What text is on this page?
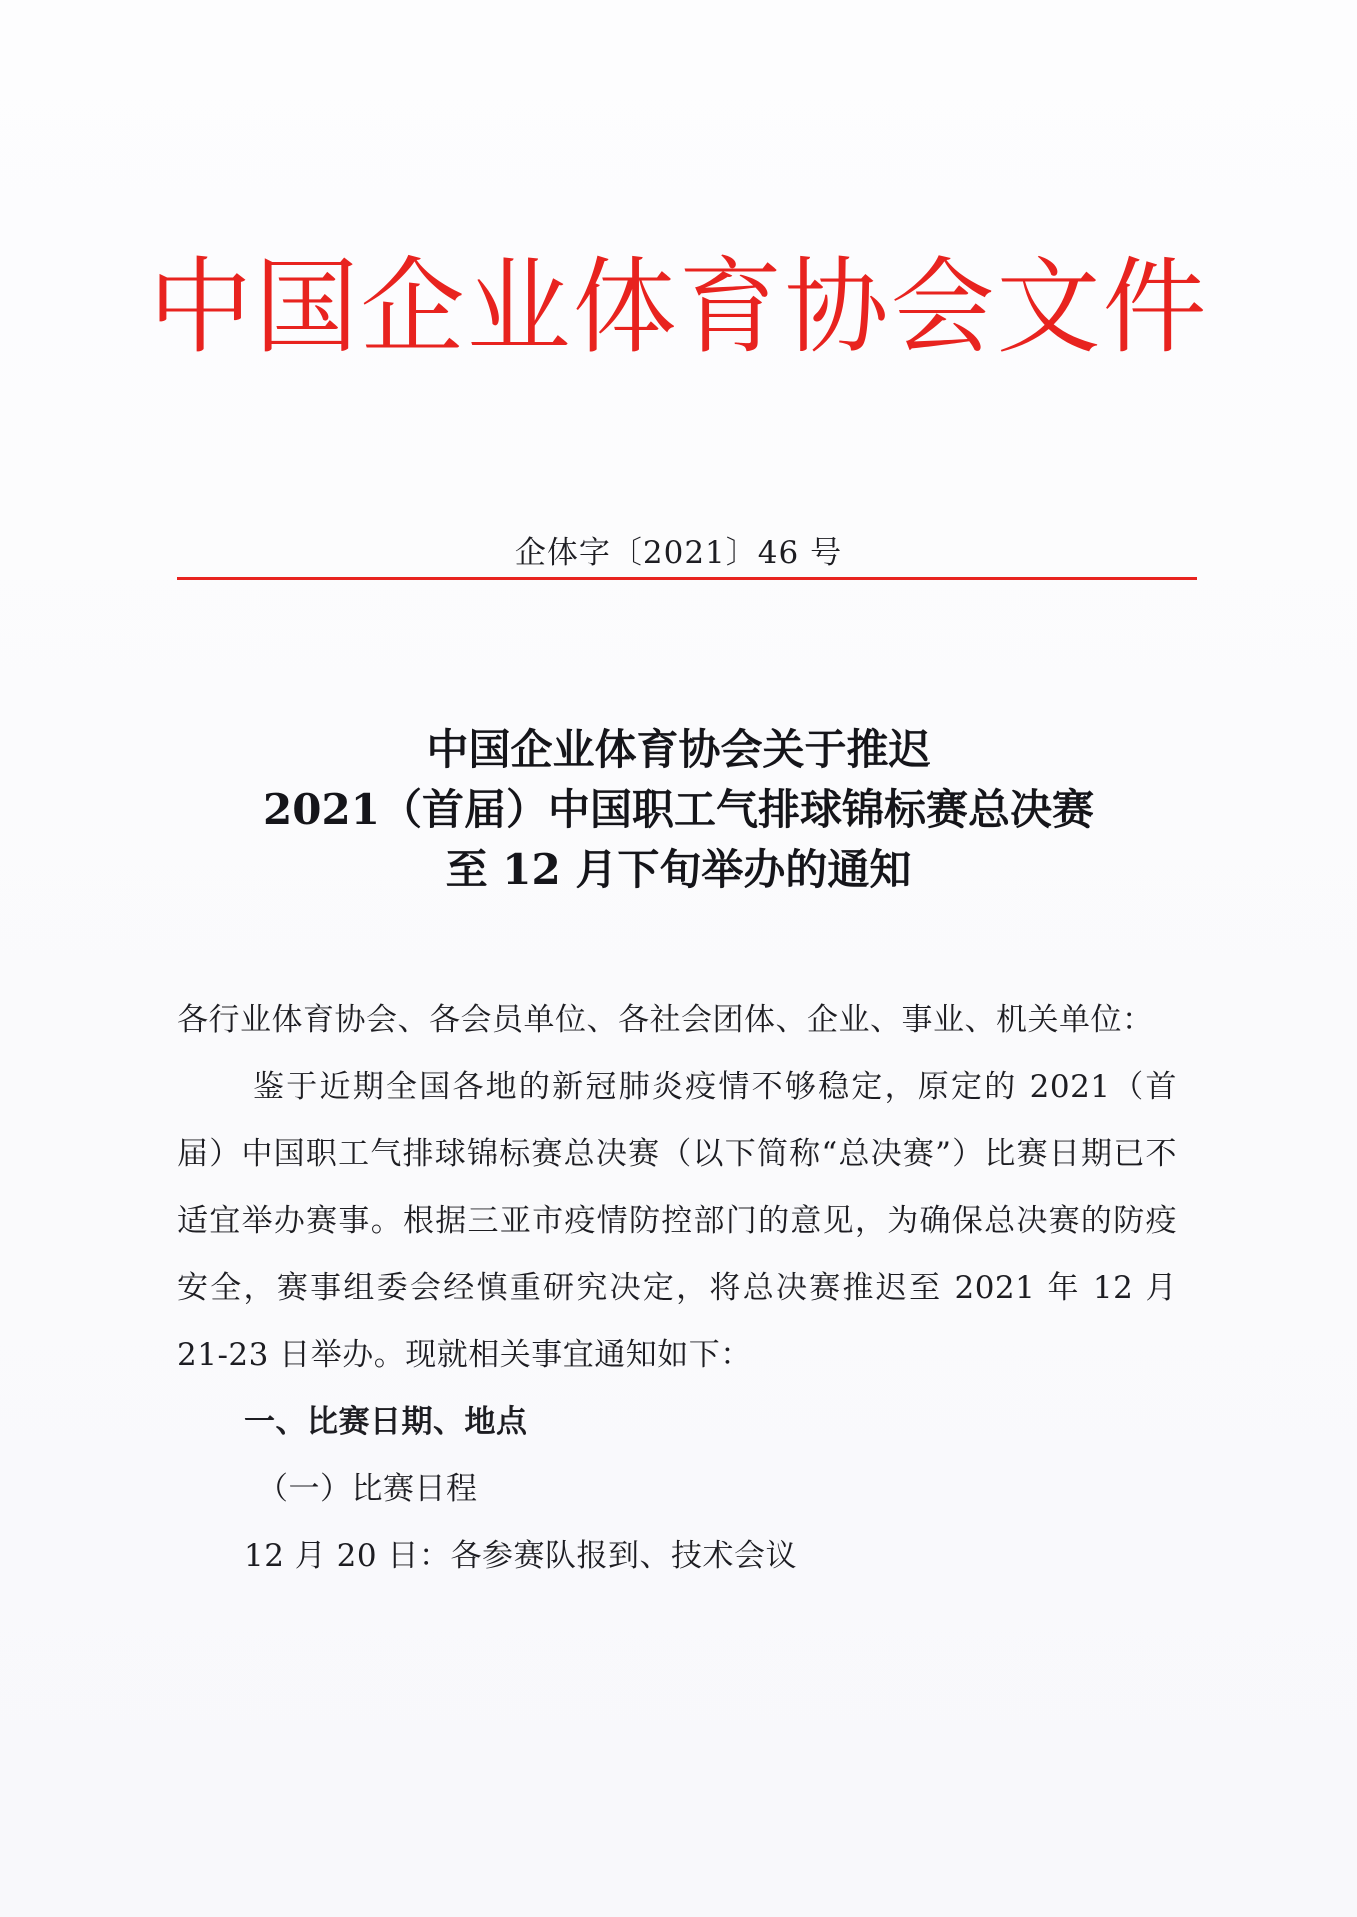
中国企业体育协会文件
企体字〔2021〕46 号
中国企业体育协会关于推迟
2021（首届）中国职工气排球锦标赛总决赛
至 12 月下旬举办的通知

各行业体育协会、各会员单位、各社会团体、企业、事业、机关单位：

鉴于近期全国各地的新冠肺炎疫情不够稳定，原定的 2021（首届）中国职工气排球锦标赛总决赛（以下简称“总决赛”）比赛日期已不适宜举办赛事。根据三亚市疫情防控部门的意见，为确保总决赛的防疫安全，赛事组委会经慎重研究决定，将总决赛推迟至 2021 年 12 月 21-23 日举办。现就相关事宜通知如下：

一、比赛日期、地点

（一）比赛日程

12 月 20 日：各参赛队报到、技术会议
